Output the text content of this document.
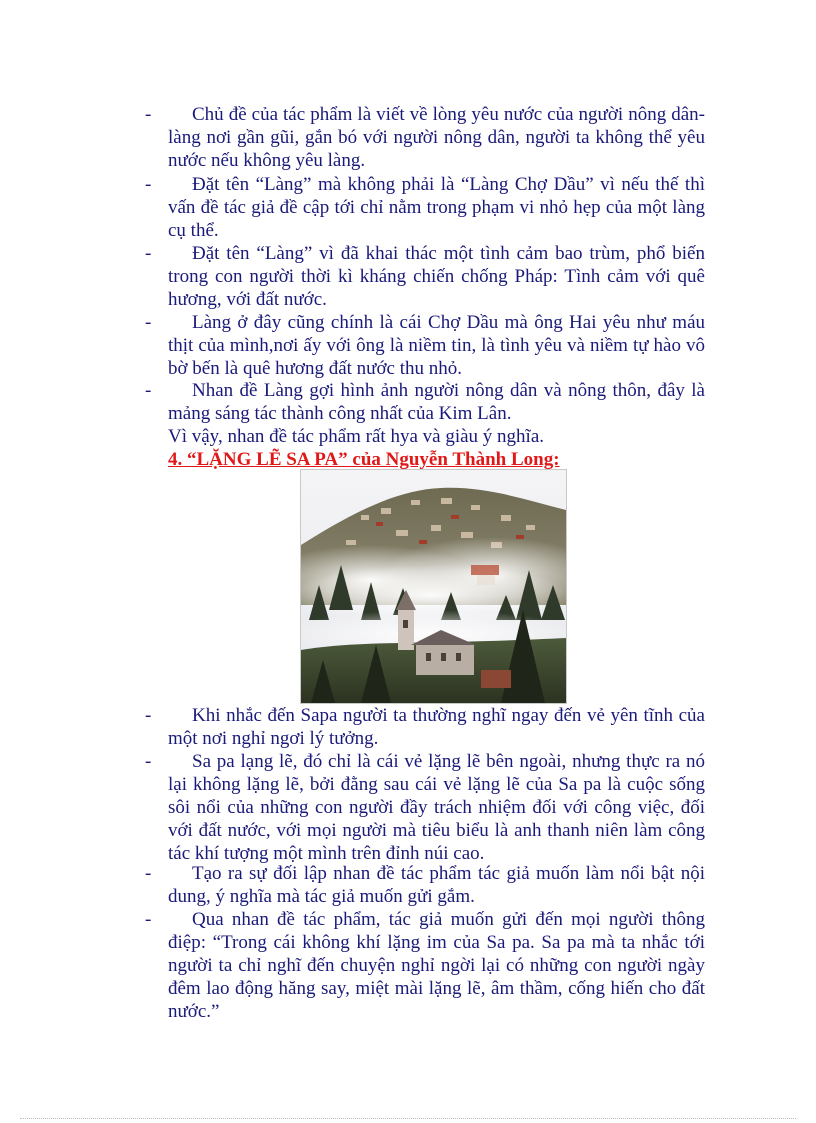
-	Chủ đề của tác phẩm là viết về lòng yêu nước của người nông dân- làng nơi gần gũi, gắn bó với người nông dân, người ta không thể yêu nước nếu không yêu làng.
-	Đặt tên “Làng” mà không phải là “Làng Chợ Dầu” vì nếu thế thì vấn đề tác giả đề cập tới chỉ nằm trong phạm vi nhỏ hẹp của một làng cụ thể.
-	Đặt tên “Làng” vì đã khai thác một tình cảm bao trùm, phổ biến trong con người thời kì kháng chiến chống Pháp: Tình cảm với quê hương, với đất nước.
-	Làng ở đây cũng chính là cái Chợ Dầu mà ông Hai yêu như máu thịt của mình,nơi ấy với ông là niềm tin, là tình yêu và niềm tự hào vô bờ bến là quê hương đất nước thu nhỏ.
-	Nhan đề Làng gợi hình ảnh người nông dân và nông thôn, đây là mảng sáng tác thành công nhất của Kim Lân.
Vì vậy, nhan đề tác phẩm rất hya và giàu ý nghĩa.
4. “LẶNG LẼ SA PA” của Nguyễn Thành Long:
-	Khi nhắc đến Sapa người ta thường nghĩ ngay đến vẻ yên tĩnh của một nơi nghỉ ngơi lý tưởng.
-	Sa pa lạng lẽ, đó chỉ là cái vẻ lặng lẽ bên ngoài, nhưng thực ra nó lại không lặng lẽ, bởi đằng sau cái vẻ lặng lẽ của Sa pa là cuộc sống sôi nổi của những con người đầy trách nhiệm đối với công việc, đối với đất nước, với mọi người mà tiêu biểu là anh thanh niên làm công tác khí tượng một mình trên đỉnh núi cao.
-	Tạo ra sự đối lập nhan đề tác phẩm tác giả muốn làm nổi bật nội dung, ý nghĩa mà tác giả muốn gửi gắm.
-	Qua nhan đề tác phẩm, tác giả muốn gửi đến mọi người thông điệp: “Trong cái không khí lặng im của Sa pa. Sa pa mà ta nhắc tới người ta chỉ nghĩ đến chuyện nghỉ ngời lại có những con người ngày đêm lao động hăng say, miệt mài lặng lẽ, âm thầm, cống hiến cho đất nước.”
